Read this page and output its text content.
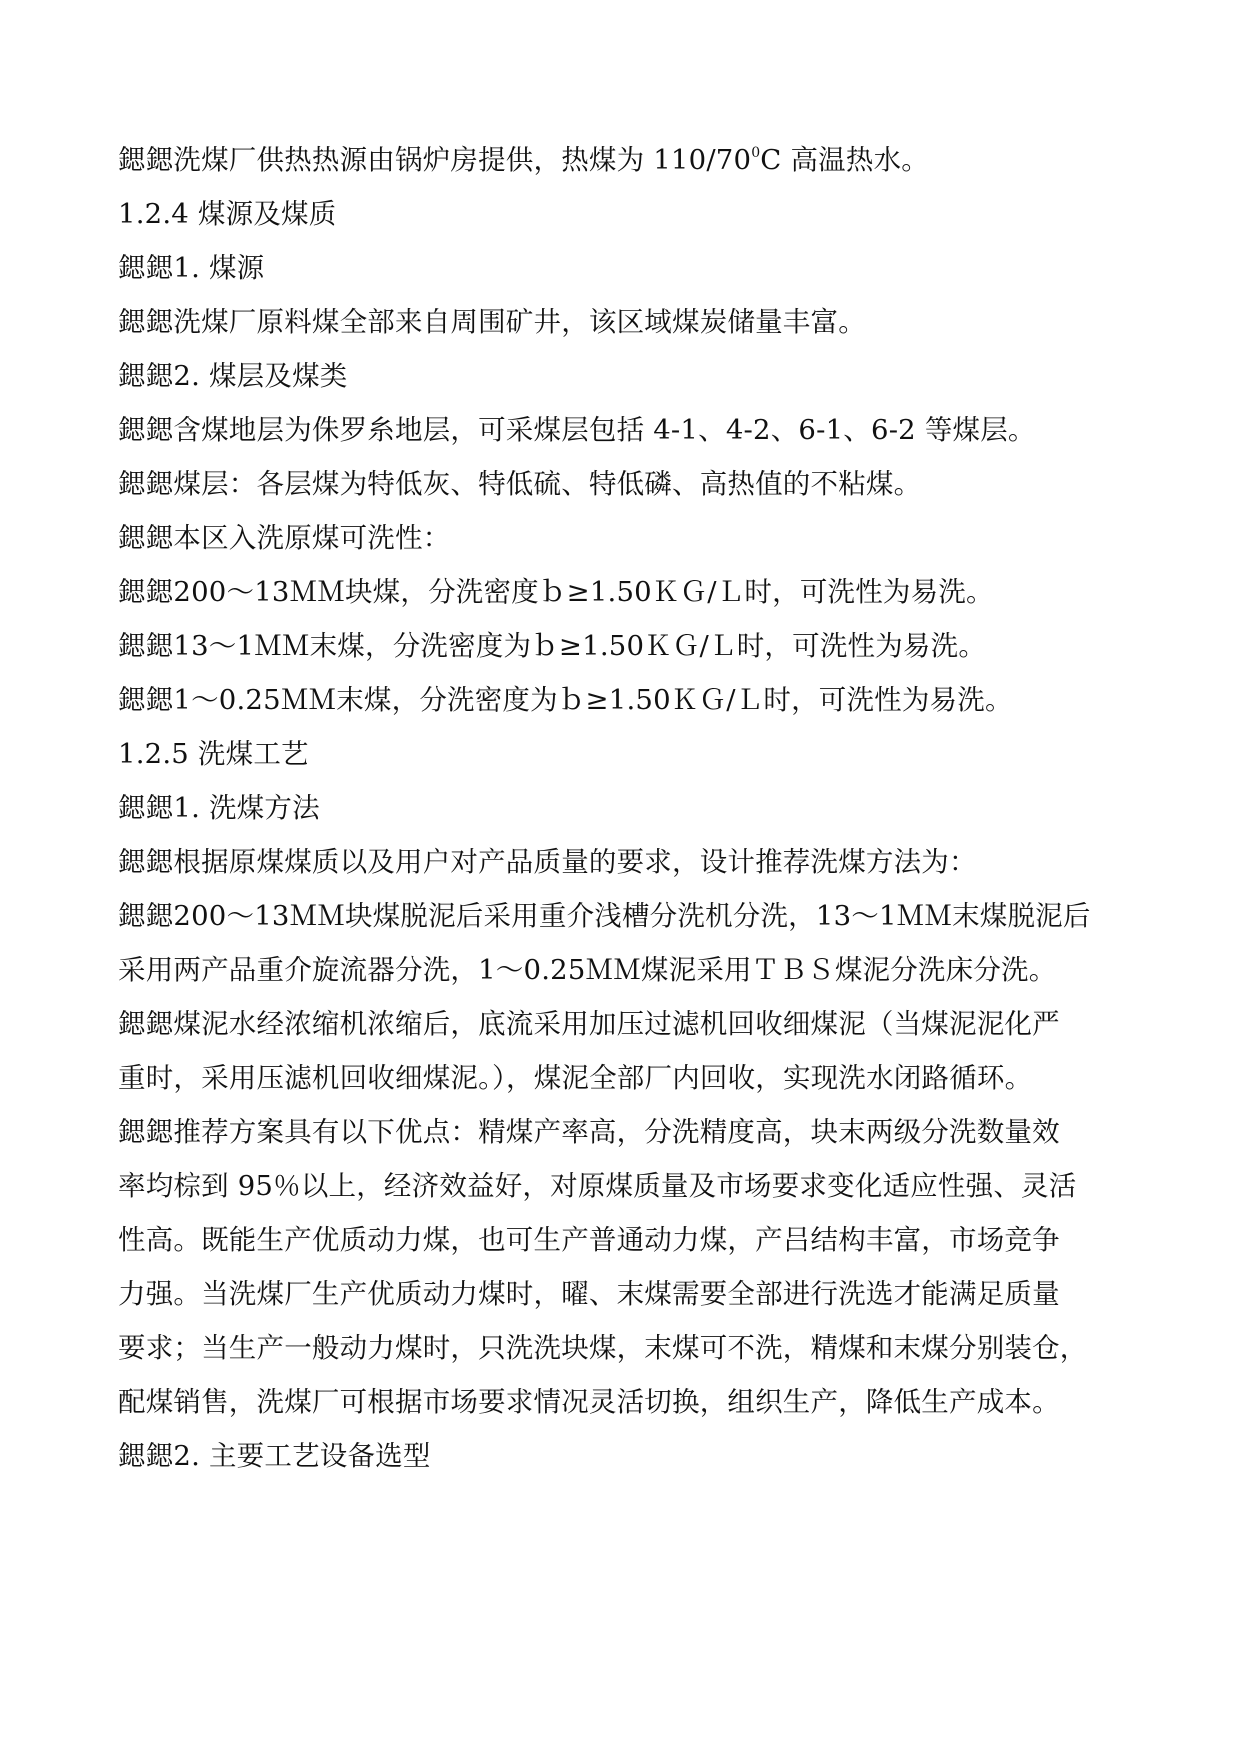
鍶鍶洗煤厂供热热源由锅炉房提供，热煤为 $110/70^0C$ 高温热水。
1.2.4 煤源及煤质
鍶鍶1. 煤源
鍶鍶洗煤厂原料煤全部来自周围矿井，该区域煤炭储量丰富。
鍶鍶2. 煤层及煤类
鍶鍶含煤地层为侏罗糸地层，可采煤层包括 4-1、4-2、6-1、6-2 等煤层。
鍶鍶煤层：各层煤为特低灰、特低硫、特低磷、高热值的不粘煤。
鍶鍶本区入洗原煤可洗性：
鍶鍶200～13ＭＭ块煤，分洗密度ｂ≥1.50ＫＧ/Ｌ时，可洗性为易洗。
鍶鍶13～1ＭＭ末煤，分洗密度为ｂ≥1.50ＫＧ/Ｌ时，可洗性为易洗。
鍶鍶1～0.25ＭＭ末煤，分洗密度为ｂ≥1.50ＫＧ/Ｌ时，可洗性为易洗。
1.2.5 洗煤工艺
鍶鍶1. 洗煤方法
鍶鍶根据原煤煤质以及用户对产品质量的要求，设计推荐洗煤方法为：
鍶鍶200～13ＭＭ块煤脱泥后采用重介浅槽分洗机分洗，13～1ＭＭ末煤脱泥后
采用两产品重介旋流器分洗，1～0.25ＭＭ煤泥采用ＴＢＳ煤泥分洗床分洗。
鍶鍶煤泥水经浓缩机浓缩后，底流采用加压过滤机回收细煤泥（当煤泥泥化严
重时，采用压滤机回收细煤泥。），煤泥全部厂内回收，实现洗水闭路循环。
鍶鍶推荐方案具有以下优点：精煤产率高，分洗精度高，块末两级分洗数量效
率均棕到 95％以上，经济效益好，对原煤质量及市场要求变化适应性强、灵活
性高。既能生产优质动力煤，也可生产普通动力煤，产吕结构丰富，市场竞争
力强。当洗煤厂生产优质动力煤时，曜、末煤需要全部进行洗选才能满足质量
要求；当生产一般动力煤时，只洗洗块煤，末煤可不洗，精煤和末煤分别装仓，
配煤销售，洗煤厂可根据市场要求情况灵活切换，组织生产，降低生产成本。
鍶鍶2. 主要工艺设备选型
